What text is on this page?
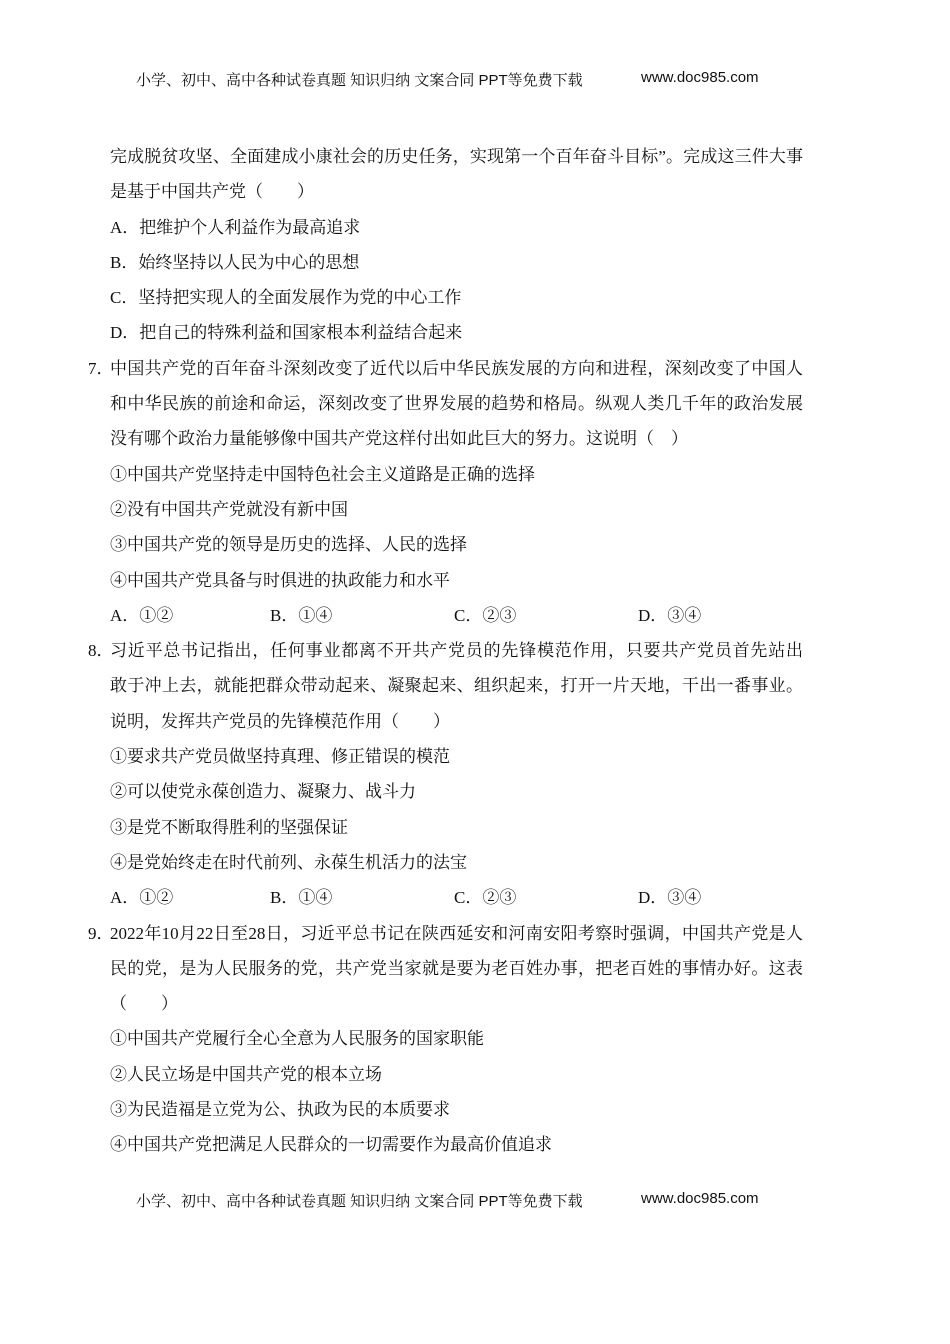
小学、初中、高中各种试卷真题 知识归纳 文案合同 PPT等免费下载	www.doc985.com
完成脱贫攻坚、全面建成小康社会的历史任务，实现第一个百年奋斗目标”。完成这三件大事
是基于中国共产党（　　）
A．把维护个人利益作为最高追求
B．始终坚持以人民为中心的思想
C．坚持把实现人的全面发展作为党的中心工作
D．把自己的特殊利益和国家根本利益结合起来
7．
中国共产党的百年奋斗深刻改变了近代以后中华民族发展的方向和进程，深刻改变了中国人
和中华民族的前途和命运，深刻改变了世界发展的趋势和格局。纵观人类几千年的政治发展
没有哪个政治力量能够像中国共产党这样付出如此巨大的努力。这说明（　）
①中国共产党坚持走中国特色社会主义道路是正确的选择
②没有中国共产党就没有新中国
③中国共产党的领导是历史的选择、人民的选择
④中国共产党具备与时俱进的执政能力和水平
A．①②	B．①④	C．②③	D．③④
8．
习近平总书记指出，任何事业都离不开共产党员的先锋模范作用，只要共产党员首先站出
敢于冲上去，就能把群众带动起来、凝聚起来、组织起来，打开一片天地，干出一番事业。
说明，发挥共产党员的先锋模范作用（　　）
①要求共产党员做坚持真理、修正错误的模范
②可以使党永葆创造力、凝聚力、战斗力
③是党不断取得胜利的坚强保证
④是党始终走在时代前列、永葆生机活力的法宝
A．①②	B．①④	C．②③	D．③④
9．
2022年10月22日至28日，习近平总书记在陕西延安和河南安阳考察时强调，中国共产党是人
民的党，是为人民服务的党，共产党当家就是要为老百姓办事，把老百姓的事情办好。这表
（　　）
①中国共产党履行全心全意为人民服务的国家职能
②人民立场是中国共产党的根本立场
③为民造福是立党为公、执政为民的本质要求
④中国共产党把满足人民群众的一切需要作为最高价值追求
小学、初中、高中各种试卷真题 知识归纳 文案合同 PPT等免费下载	www.doc985.com
